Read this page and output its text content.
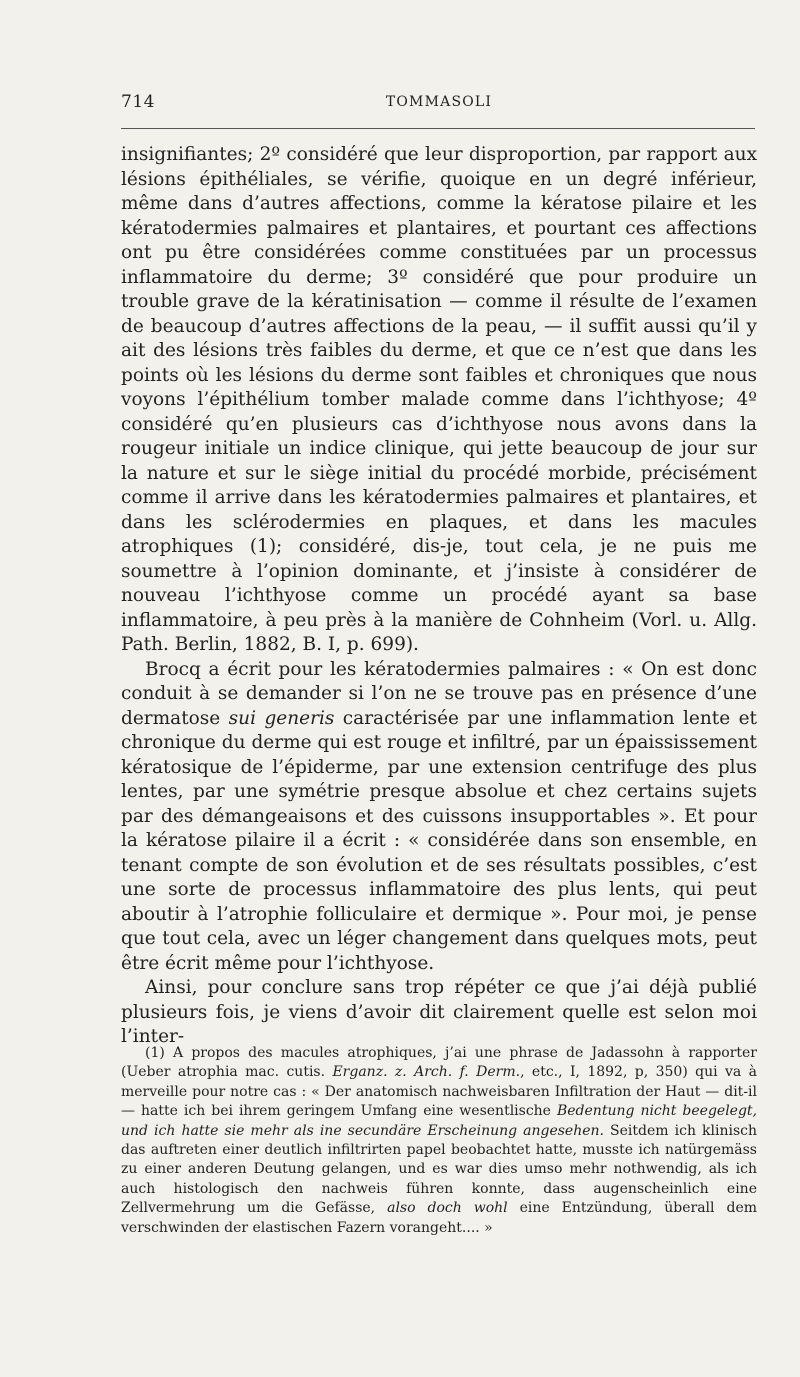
714	TOMMASOLI

insignifiantes; 2º considéré que leur disproportion, par rapport aux lésions épithéliales, se vérifie, quoique en un degré inférieur, même dans d’autres affections, comme la kératose pilaire et les kératodermies palmaires et plantaires, et pourtant ces affections ont pu être considérées comme constituées par un processus inflammatoire du derme; 3º considéré que pour produire un trouble grave de la kératinisation — comme il résulte de l’examen de beaucoup d’autres affections de la peau, — il suffit aussi qu’il y ait des lésions très faibles du derme, et que ce n’est que dans les points où les lésions du derme sont faibles et chroniques que nous voyons l’épithélium tomber malade comme dans l’ichthyose; 4º considéré qu’en plusieurs cas d’ichthyose nous avons dans la rougeur initiale un indice clinique, qui jette beaucoup de jour sur la nature et sur le siège initial du procédé morbide, précisément comme il arrive dans les kératodermies palmaires et plantaires, et dans les sclérodermies en plaques, et dans les macules atrophiques (1); considéré, dis-je, tout cela, je ne puis me soumettre à l’opinion dominante, et j’insiste à considérer de nouveau l’ichthyose comme un procédé ayant sa base inflammatoire, à peu près à la manière de Cohnheim (Vorl. u. Allg. Path. Berlin, 1882, B. I, p. 699).

Brocq a écrit pour les kératodermies palmaires : « On est donc conduit à se demander si l’on ne se trouve pas en présence d’une dermatose sui generis caractérisée par une inflammation lente et chronique du derme qui est rouge et infiltré, par un épaississement kératosique de l’épiderme, par une extension centrifuge des plus lentes, par une symétrie presque absolue et chez certains sujets par des démangeaisons et des cuissons insupportables ». Et pour la kératose pilaire il a écrit : « considérée dans son ensemble, en tenant compte de son évolution et de ses résultats possibles, c’est une sorte de processus inflammatoire des plus lents, qui peut aboutir à l’atrophie folliculaire et dermique ». Pour moi, je pense que tout cela, avec un léger changement dans quelques mots, peut être écrit même pour l’ichthyose.

Ainsi, pour conclure sans trop répéter ce que j’ai déjà publié plusieurs fois, je viens d’avoir dit clairement quelle est selon moi l’inter-

(1) A propos des macules atrophiques, j’ai une phrase de Jadassohn à rapporter (Ueber atrophia mac. cutis. Erganz. z. Arch. f. Derm., etc., I, 1892, p, 350) qui va à merveille pour notre cas : « Der anatomisch nachweisbaren Infiltration der Haut — dit-il — hatte ich bei ihrem geringem Umfang eine wesentlische Bedentung nicht beegelegt, und ich hatte sie mehr als ine secundäre Erscheinung angesehen. Seitdem ich klinisch das auftreten einer deutlich infiltrirten papel beobachtet hatte, musste ich natürgemäss zu einer anderen Deutung gelangen, und es war dies umso mehr nothwendig, als ich auch histologisch den nachweis führen konnte, dass augenscheinlich eine Zellvermehrung um die Gefässe, also doch wohl eine Entzündung, überall dem verschwinden der elastischen Fazern vorangeht.... »
